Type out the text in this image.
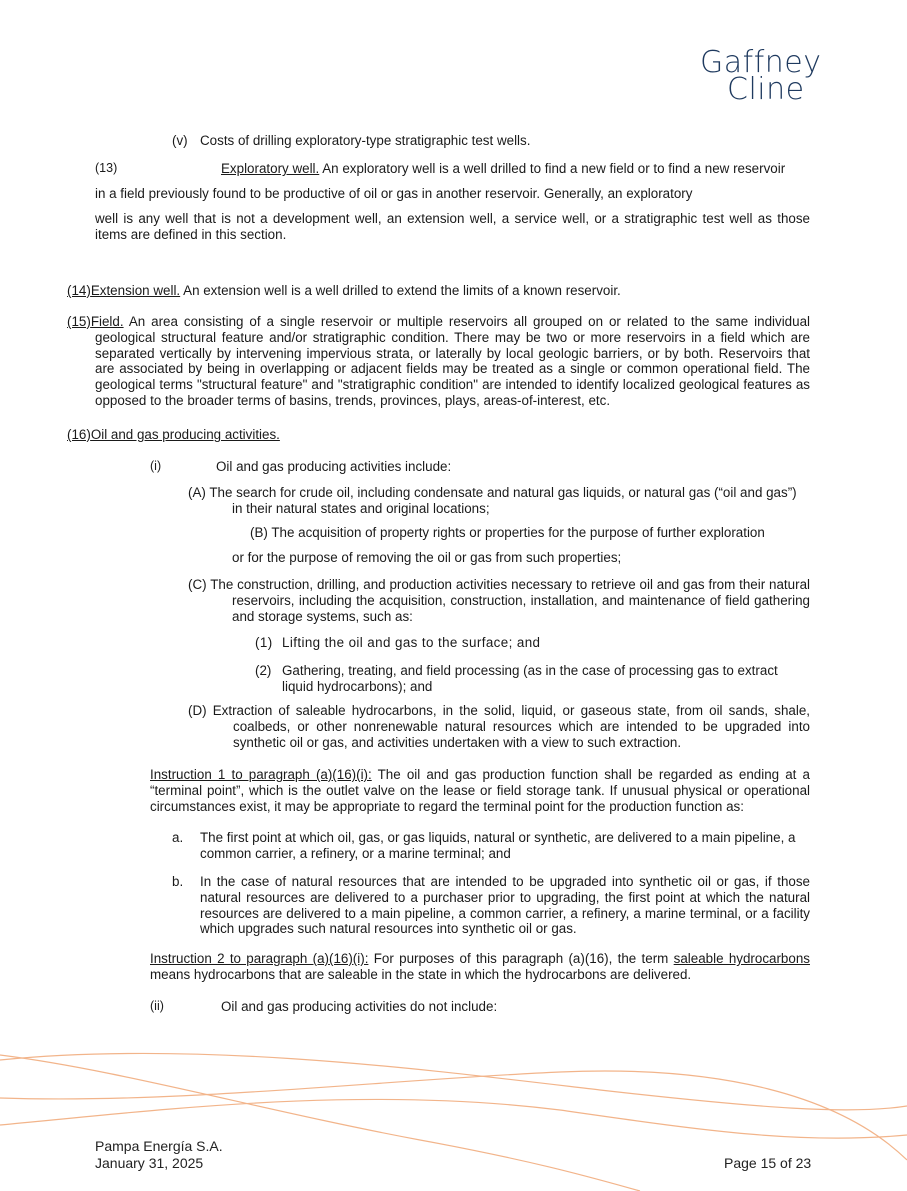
Gaffney
Cline
(v) Costs of drilling exploratory-type stratigraphic test wells.
(13)	Exploratory well. An exploratory well is a well drilled to find a new field or to find a new reservoir
in a field previously found to be productive of oil or gas in another reservoir. Generally, an exploratory
well is any well that is not a development well, an extension well, a service well, or a stratigraphic test well as those items are defined in this section.
(14)Extension well. An extension well is a well drilled to extend the limits of a known reservoir.
(15)Field. An area consisting of a single reservoir or multiple reservoirs all grouped on or related to the same individual geological structural feature and/or stratigraphic condition. There may be two or more reservoirs in a field which are separated vertically by intervening impervious strata, or laterally by local geologic barriers, or by both. Reservoirs that are associated by being in overlapping or adjacent fields may be treated as a single or common operational field. The geological terms "structural feature" and "stratigraphic condition" are intended to identify localized geological features as opposed to the broader terms of basins, trends, provinces, plays, areas-of-interest, etc.
(16)Oil and gas producing activities.
(i)	Oil and gas producing activities include:
(A) The search for crude oil, including condensate and natural gas liquids, or natural gas (“oil and gas”) in their natural states and original locations;
(B) The acquisition of property rights or properties for the purpose of further exploration
or for the purpose of removing the oil or gas from such properties;
(C) The construction, drilling, and production activities necessary to retrieve oil and gas from their natural reservoirs, including the acquisition, construction, installation, and maintenance of field gathering and storage systems, such as:
(1) Lifting the oil and gas to the surface; and
(2) Gathering, treating, and field processing (as in the case of processing gas to extract liquid hydrocarbons); and
(D) Extraction of saleable hydrocarbons, in the solid, liquid, or gaseous state, from oil sands, shale, coalbeds, or other nonrenewable natural resources which are intended to be upgraded into synthetic oil or gas, and activities undertaken with a view to such extraction.
Instruction 1 to paragraph (a)(16)(i): The oil and gas production function shall be regarded as ending at a “terminal point”, which is the outlet valve on the lease or field storage tank. If unusual physical or operational circumstances exist, it may be appropriate to regard the terminal point for the production function as:
a. The first point at which oil, gas, or gas liquids, natural or synthetic, are delivered to a main pipeline, a common carrier, a refinery, or a marine terminal; and
b. In the case of natural resources that are intended to be upgraded into synthetic oil or gas, if those natural resources are delivered to a purchaser prior to upgrading, the first point at which the natural resources are delivered to a main pipeline, a common carrier, a refinery, a marine terminal, or a facility which upgrades such natural resources into synthetic oil or gas.
Instruction 2 to paragraph (a)(16)(i): For purposes of this paragraph (a)(16), the term saleable hydrocarbons means hydrocarbons that are saleable in the state in which the hydrocarbons are delivered.
(ii)	Oil and gas producing activities do not include:
Pampa Energía S.A.
January 31, 2025	Page 15 of 23
